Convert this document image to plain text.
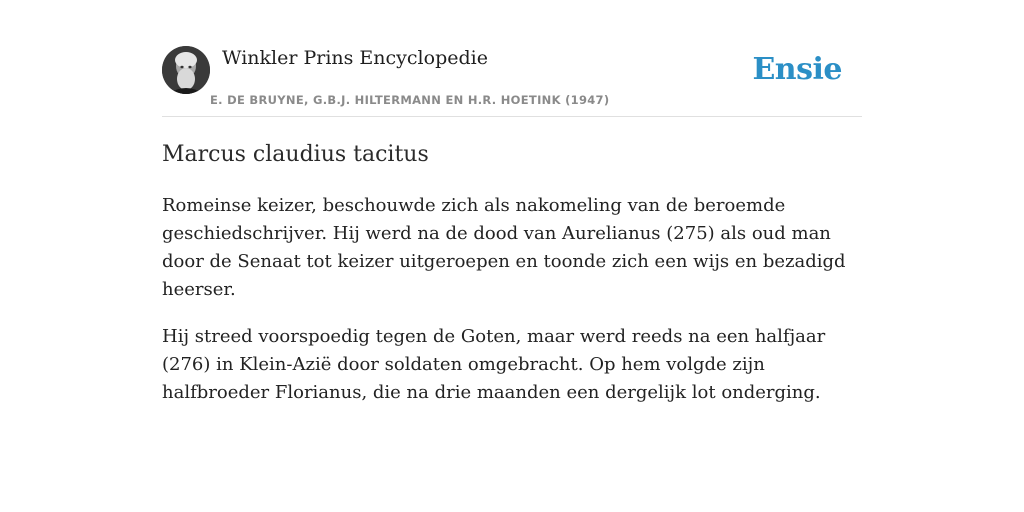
Winkler Prins Encyclopedie
E. DE BRUYNE, G.B.J. HILTERMANN EN H.R. HOETINK (1947)
Ensie
Marcus claudius tacitus

Romeinse keizer, beschouwde zich als nakomeling van de beroemde geschiedschrijver. Hij werd na de dood van Aurelianus (275) als oud man door de Senaat tot keizer uitgeroepen en toonde zich een wijs en bezadigd heerser.

Hij streed voorspoedig tegen de Goten, maar werd reeds na een halfjaar (276) in Klein-Azië door soldaten omgebracht. Op hem volgde zijn halfbroeder Florianus, die na drie maanden een dergelijk lot onderging.
